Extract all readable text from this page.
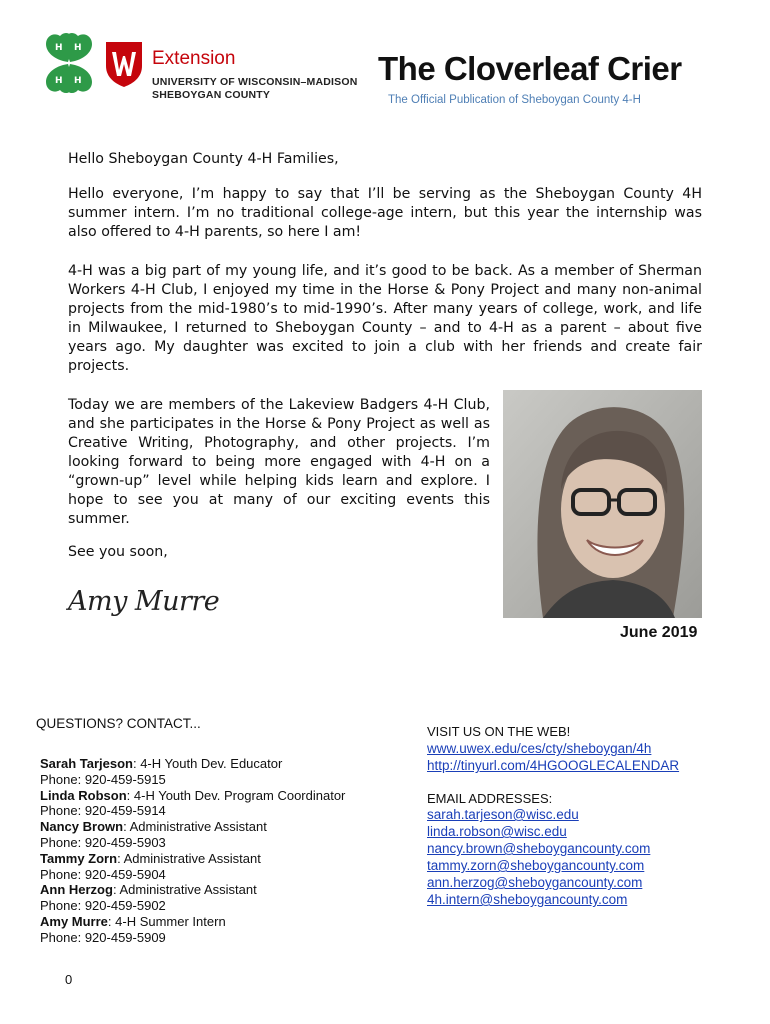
H H
H H
Extension
UNIVERSITY OF WISCONSIN–MADISON
SHEBOYGAN COUNTY
The Cloverleaf Crier
The Official Publication of Sheboygan County 4-H

Hello Sheboygan County 4-H Families,

Hello everyone, I’m happy to say that I’ll be serving as the Sheboygan County 4H summer intern. I’m no traditional college-age intern, but this year the internship was also offered to 4-H parents, so here I am!

4-H was a big part of my young life, and it’s good to be back. As a member of Sherman Workers 4-H Club, I enjoyed my time in the Horse & Pony Project and many non-animal projects from the mid-1980’s to mid-1990’s. After many years of college, work, and life in Milwaukee, I returned to Sheboygan County – and to 4-H as a parent – about five years ago. My daughter was excited to join a club with her friends and create fair projects.

Today we are members of the Lakeview Badgers 4-H Club, and she participates in the Horse & Pony Project as well as Creative Writing, Photography, and other projects. I’m looking forward to being more engaged with 4-H on a “grown-up” level while helping kids learn and explore. I hope to see you at many of our exciting events this summer.

See you soon,

Amy Murre
June 2019
QUESTIONS? CONTACT...
Sarah Tarjeson: 4-H Youth Dev. Educator
Phone: 920-459-5915
Linda Robson: 4-H Youth Dev. Program Coordinator
Phone: 920-459-5914
Nancy Brown: Administrative Assistant
Phone: 920-459-5903
Tammy Zorn: Administrative Assistant
Phone: 920-459-5904
Ann Herzog: Administrative Assistant
Phone: 920-459-5902
Amy Murre: 4-H Summer Intern
Phone: 920-459-5909
VISIT US ON THE WEB!
www.uwex.edu/ces/cty/sheboygan/4h
http://tinyurl.com/4HGOOGLECALENDAR
EMAIL ADDRESSES:
sarah.tarjeson@wisc.edu
linda.robson@wisc.edu
nancy.brown@sheboygancounty.com
tammy.zorn@sheboygancounty.com
ann.herzog@sheboygancounty.com
4h.intern@sheboygancounty.com
0
